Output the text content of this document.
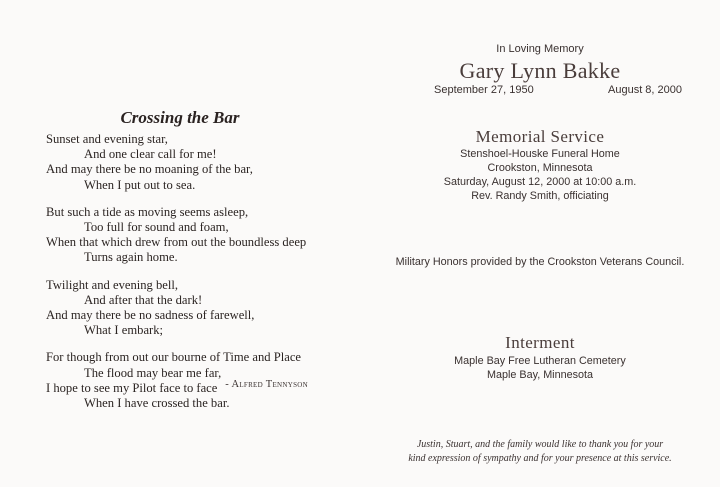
Crossing the Bar
Sunset and evening star,
And one clear call for me!
And may there be no moaning of the bar,
When I put out to sea.
But such a tide as moving seems asleep,
Too full for sound and foam,
When that which drew from out the boundless deep
Turns again home.
Twilight and evening bell,
And after that the dark!
And may there be no sadness of farewell,
What I embark;
For though from out our bourne of Time and Place
The flood may bear me far,
I hope to see my Pilot face to face
When I have crossed the bar.
- Alfred Tennyson
In Loving Memory
Gary Lynn Bakke
September 27, 1950	August 8, 2000
Memorial Service
Stenshoel-Houske Funeral Home
Crookston, Minnesota
Saturday, August 12, 2000 at 10:00 a.m.
Rev. Randy Smith, officiating
Military Honors provided by the Crookston Veterans Council.
Interment
Maple Bay Free Lutheran Cemetery
Maple Bay, Minnesota
Justin, Stuart, and the family would like to thank you for your
kind expression of sympathy and for your presence at this service.
